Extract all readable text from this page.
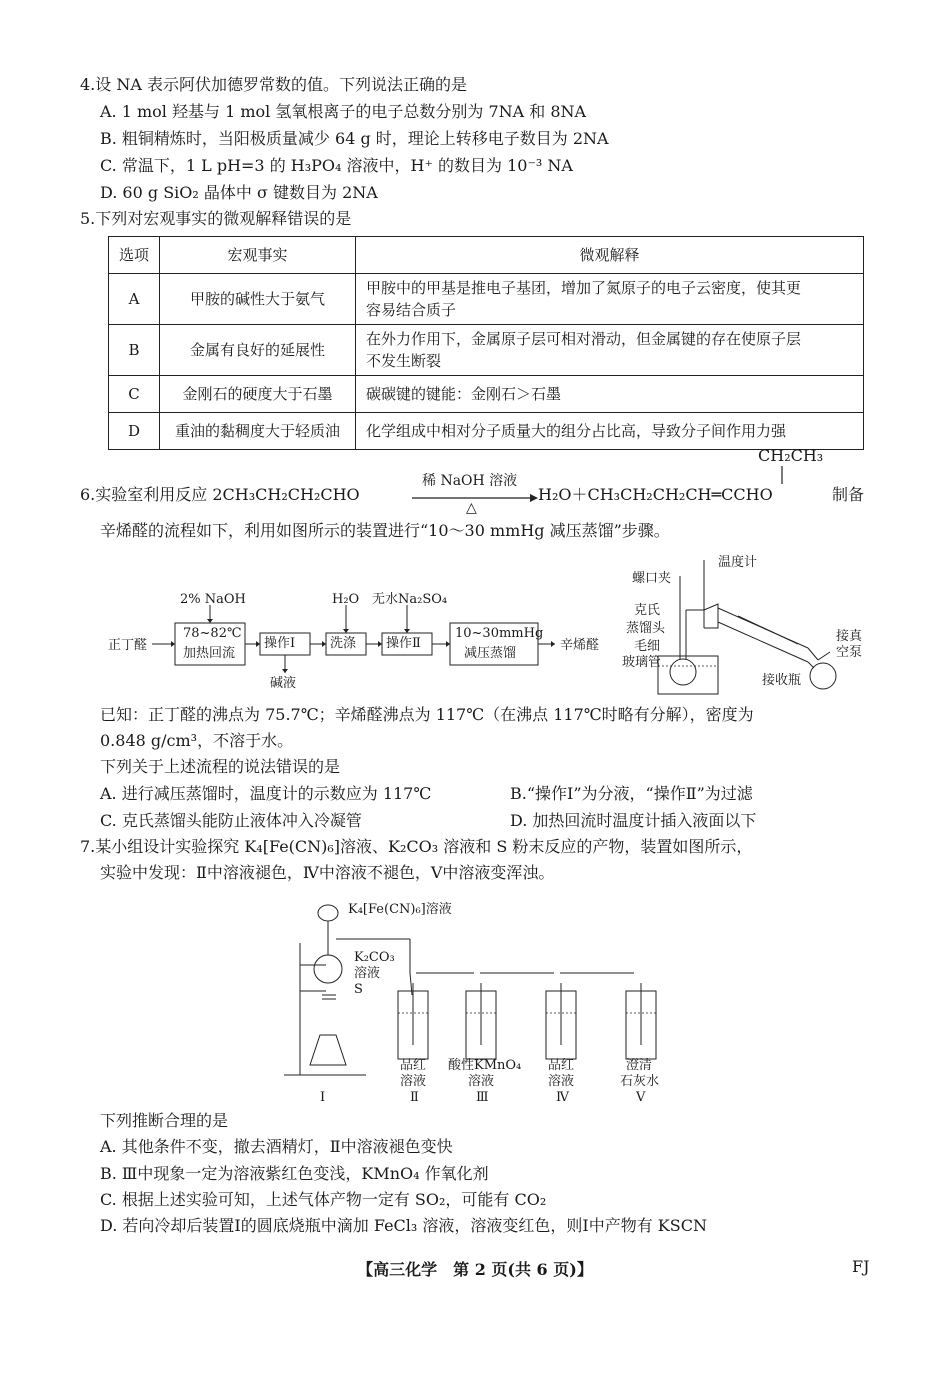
4.设 NA 表示阿伏加德罗常数的值。下列说法正确的是
A. 1 mol 羟基与 1 mol 氢氧根离子的电子总数分别为 7NA 和 8NA
B. 粗铜精炼时，当阳极质量减少 64 g 时，理论上转移电子数目为 2NA
C. 常温下，1 L pH=3 的 H₃PO₄ 溶液中，H⁺ 的数目为 10⁻³ NA
D. 60 g SiO₂ 晶体中 σ 键数目为 2NA
5.下列对宏观事实的微观解释错误的是
选项	宏观事实	微观解释
A	甲胺的碱性大于氨气	甲胺中的甲基是推电子基团，增加了氮原子的电子云密度，使其更
容易结合质子

B	金属有良好的延展性	在外力作用下，金属原子层可相对滑动，但金属键的存在使原子层
不发生断裂

C	金刚石的硬度大于石墨	碳碳键的键能：金刚石＞石墨
D	重油的黏稠度大于轻质油	化学组成中相对分子质量大的组分占比高，导致分子间作用力强
CH₂CH₃
6.实验室利用反应 2CH₃CH₂CH₂CHO
稀 NaOH 溶液
△
H₂O＋CH₃CH₂CH₂CH═CCHO	制备
辛烯醛的流程如下，利用如图所示的装置进行“10～30 mmHg 减压蒸馏”步骤。
正丁醛
2% NaOH
78~82℃
加热回流
操作Ⅰ
碱液
H₂O
洗涤
无水Na₂SO₄
操作Ⅱ
10~30mmHg
减压蒸馏
辛烯醛
温度计
螺口夹
克氏
蒸馏头
毛细
玻璃管
接真
空泵
接收瓶
已知：正丁醛的沸点为 75.7℃；辛烯醛沸点为 117℃（在沸点 117℃时略有分解），密度为
0.848 g/cm³，不溶于水。
下列关于上述流程的说法错误的是
A. 进行减压蒸馏时，温度计的示数应为 117℃	B.“操作Ⅰ”为分液，“操作Ⅱ”为过滤
C. 克氏蒸馏头能防止液体冲入冷凝管	D. 加热回流时温度计插入液面以下
7.某小组设计实验探究 K₄[Fe(CN)₆]溶液、K₂CO₃ 溶液和 S 粉末反应的产物，装置如图所示，
实验中发现：Ⅱ中溶液褪色，Ⅳ中溶液不褪色，Ⅴ中溶液变浑浊。
K₄[Fe(CN)₆]溶液
K₂CO₃
溶液
S
品红
溶液
酸性KMnO₄
溶液
品红
溶液
澄清
石灰水
Ⅰ	Ⅱ	Ⅲ	Ⅳ	Ⅴ
下列推断合理的是
A. 其他条件不变，撤去酒精灯，Ⅱ中溶液褪色变快
B. Ⅲ中现象一定为溶液紫红色变浅，KMnO₄ 作氧化剂
C. 根据上述实验可知，上述气体产物一定有 SO₂，可能有 CO₂
D. 若向冷却后装置Ⅰ的圆底烧瓶中滴加 FeCl₃ 溶液，溶液变红色，则Ⅰ中产物有 KSCN
【高三化学　第 2 页(共 6 页)】	FJ
